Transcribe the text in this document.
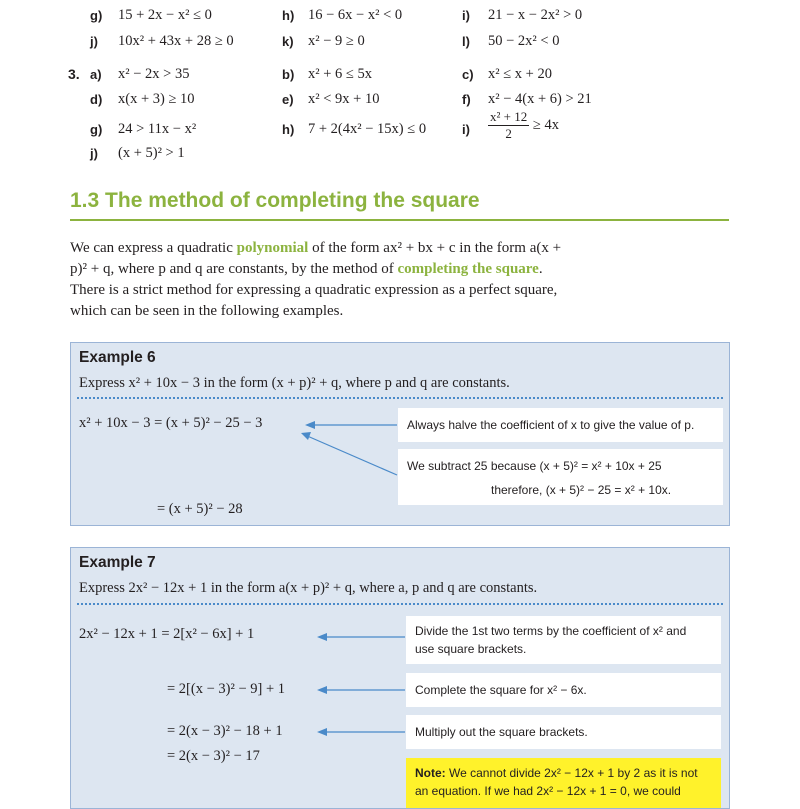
g) 15 + 2x − x² ≤ 0	h) 16 − 6x − x² < 0	i) 21 − x − 2x² > 0
j) 10x² + 43x + 28 ≥ 0	k) x² − 9 ≥ 0	l) 50 − 2x² < 0
3. a) x² − 2x > 35	b) x² + 6 ≤ 5x	c) x² ≤ x + 20
d) x(x + 3) ≥ 10	e) x² < 9x + 10	f) x² − 4(x + 6) > 21
g) 24 > 11x − x²	h) 7 + 2(4x² − 15x) ≤ 0	$i) \frac{\text{x² + 12}}{2} \ge 4x$
j) (x + 5)² > 1
1.3 The method of completing the square
We can express a quadratic polynomial of the form ax² + bx + c in the form a(x + p)² + q, where p and q are constants, by the method of completing the square. There is a strict method for expressing a quadratic expression as a perfect square, which can be seen in the following examples.
Example 6
Express x² + 10x − 3 in the form (x + p)² + q, where p and q are constants.
x² + 10x − 3 = (x + 5)² − 25 − 3
= (x + 5)² − 28
Always halve the coefficient of x to give the value of p.
We subtract 25 because (x + 5)² = x² + 10x + 25
therefore, (x + 5)² − 25 = x² + 10x.
Example 7
Express 2x² − 12x + 1 in the form a(x + p)² + q, where a, p and q are constants.
2x² − 12x + 1 = 2[x² − 6x] + 1
= 2[(x − 3)² − 9] + 1
= 2(x − 3)² − 18 + 1
= 2(x − 3)² − 17
Divide the 1st two terms by the coefficient of x² and
use square brackets.
Complete the square for x² − 6x.
Multiply out the square brackets.
Note: We cannot divide 2x² − 12x + 1 by 2 as it is not
an equation. If we had 2x² − 12x + 1 = 0, we could
